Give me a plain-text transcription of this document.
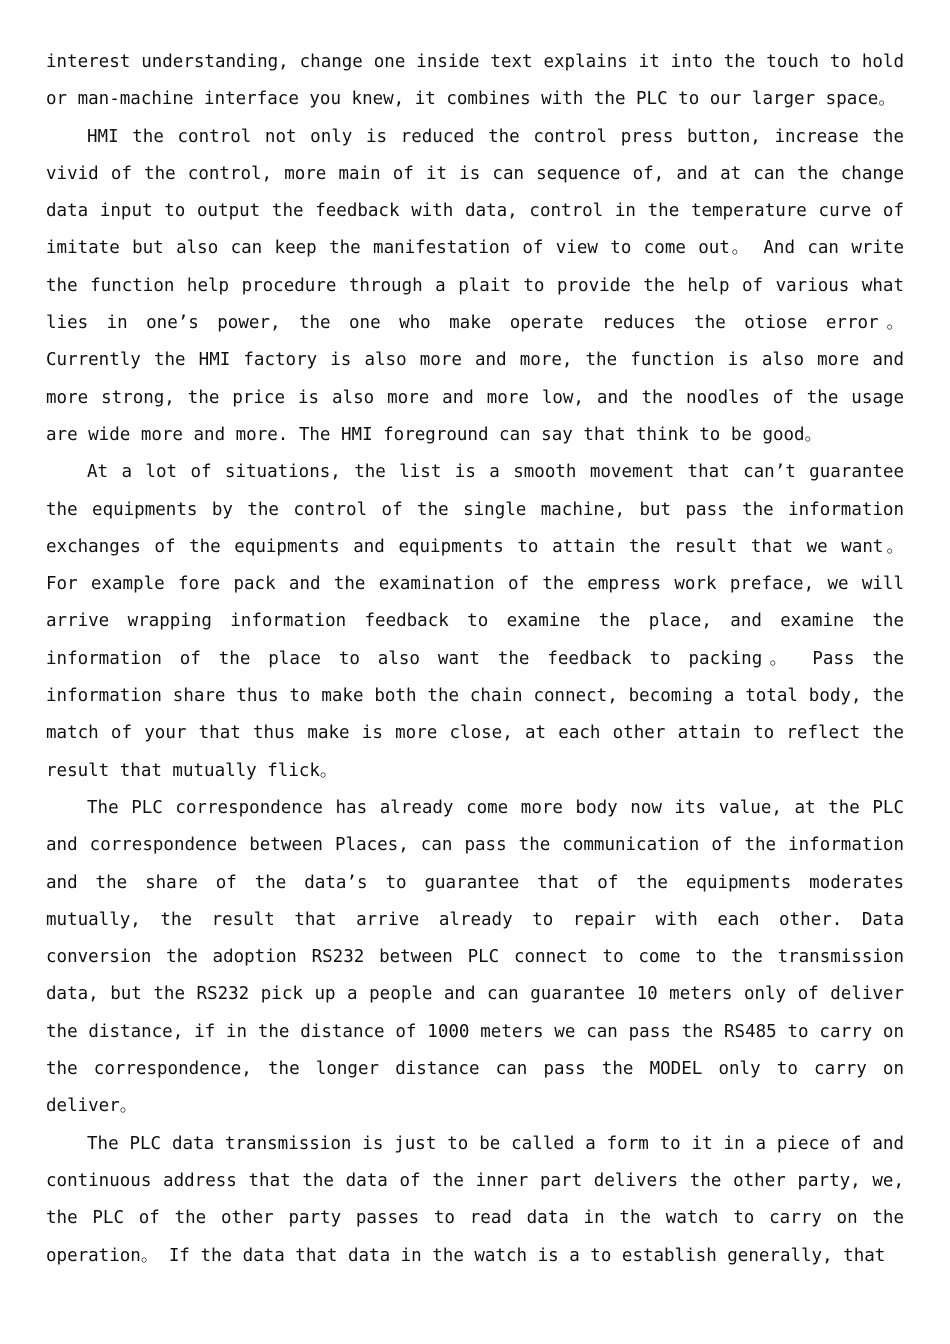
interest understanding, change one inside text explains it into the touch to hold or man-machine interface you knew, it combines with the PLC to our larger space。

HMI the control not only is reduced the control press button, increase the vivid of the control, more main of it is can sequence of, and at can the change data input to output the feedback with data, control in the temperature curve of imitate but also can keep the manifestation of view to come out。 And can write the function help procedure through a plait to provide the help of various what lies in one’s power, the one who make operate reduces the otiose error。 Currently the HMI factory is also more and more, the function is also more and more strong, the price is also more and more low, and the noodles of the usage are wide more and more. The HMI foreground can say that think to be good。

At a lot of situations, the list is a smooth movement that can’t guarantee the equipments by the control of the single machine, but pass the information exchanges of the equipments and equipments to attain the result that we want。 For example fore pack and the examination of the empress work preface, we will arrive wrapping information feedback to examine the place, and examine the information of the place to also want the feedback to packing。 Pass the information share thus to make both the chain connect, becoming a total body, the match of your that thus make is more close, at each other attain to reflect the result that mutually flick。

The PLC correspondence has already come more body now its value, at the PLC and correspondence between Places, can pass the communication of the information and the share of the data’s to guarantee that of the equipments moderates mutually, the result that arrive already to repair with each other. Data conversion the adoption RS232 between PLC connect to come to the transmission data, but the RS232 pick up a people and can guarantee 10 meters only of deliver the distance, if in the distance of 1000 meters we can pass the RS485 to carry on the correspondence, the longer distance can pass the MODEL only to carry on deliver。

The PLC data transmission is just to be called a form to it in a piece of and continuous address that the data of the inner part delivers the other party, we, the PLC of the other party passes to read data in the watch to carry on the operation。 If the data that data in the watch is a to establish generally, that
